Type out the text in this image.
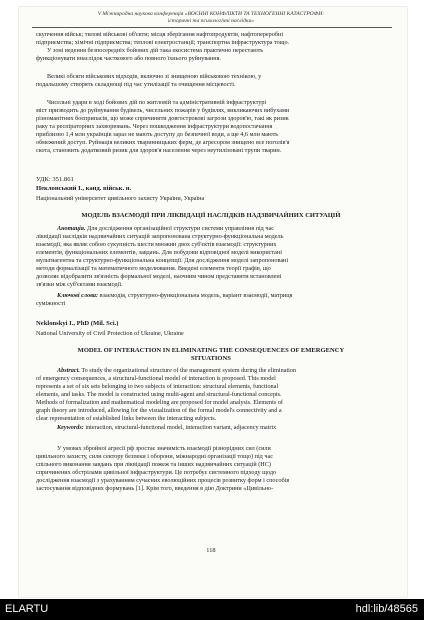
V Міжнародна наукова конференція «ВОЄННІ КОНФЛІКТИ ТА ТЕХНОГЕННІ КАТАСТРОФИ:
історичні та психологічні наслідки»
скупчення військ; тилові військові об'єкти; місця зберігання нафтопродуктів, нафтопереробні
підприємства; хімічні підприємства; теплові електростанції; транспортна інфраструктура тощо.
У зоні ведення безпосередніх бойових дій така екосистема практично перестають
функціонувати внаслідок часткового або повного їхнього руйнування.
Великі обсяги військових відходів, включно зі знищеною військовою технікою, у
подальшому створять складнощі під час утилізації та очищення місцевості.
Чисельні удари в ході бойових дій по житловій та адміністративній інфраструктурі
міст призводить до руйнування будівель, чисельних пожарів у будівлях, викликаючих вибухами
різноманітних боєприпасів, що може спричинити довгострокові загрози здоров'ю, такі як ризик
раку та респіраторних захворювань. Через пошкодження інфраструктури водопостачання
приблизно 1,4 млн українців зараз не мають доступу до безпечної води, а ще 4,6 млн мають
обмежений доступ. Руйнація великих тваринницьких ферм, де агресором знищено все поголів'я
скота, становить додатковий ризик для здоров'я населення через неутилізовані трупи тварин.
УДК: 351.861
Неклонський І., канд. військ. н.
Національний університет цивільного захисту України, Україна
МОДЕЛЬ ВЗАЄМОДІЇ ПРИ ЛІКВІДАЦІЇ НАСЛІДКІВ НАДЗВИЧАЙНИХ СИТУАЦІЙ
Анотація. Для дослідження організаційної структури системи управління під час
ліквідації наслідків надзвичайних ситуацій запропонована структурно-функціональна модель
взаємодії, яка являє собою сукупність шести множин двох суб'єктів взаємодії: структурних
елементів, функціональних елементів, завдань. Для побудови відповідної моделі використані
мультиагентна та структурно-функціональна концепції. Для дослідження моделі запропоновані
методи формалізації та математичного моделювання. Введені елементи теорії графів, що
дозволяє відобразити зв'язність формальної моделі, наочним чином представити встановлені
зв'язки між суб'єктами взаємодії.
Ключові слова: взаємодія, структурно-функціональна модель, варіант взаємодії, матриця
суміжності
Neklonskyi I., PhD (Mil. Sci.)
National University of Civil Protection of Ukraine, Ukraine
MODEL OF INTERACTION IN ELIMINATING THE CONSEQUENCES OF EMERGENCY
SITUATIONS
Abstract. To study the organizational structure of the management system during the elimination
of emergency consequences, a structural-functional model of interaction is proposed. This model
represents a set of six sets belonging to two subjects of interaction: structural elements, functional
elements, and tasks. The model is constructed using multi-agent and structural-functional concepts.
Methods of formalization and mathematical modeling are proposed for model analysis. Elements of
graph theory are introduced, allowing for the visualization of the formal model's connectivity and a
clear representation of established links between the interacting subjects.
Keywords: interaction, structural-functional model, interaction variant, adjacency matrix
У умовах збройної агресії рф зростає значимість взаємодії різнорідних сил (сили
цивільного захисту, сили сектору безпеки і оборони, міжнародні організації тощо) під час
спільного виконання завдань при ліквідації пожеж та інших надзвичайних ситуацій (НС)
спричинених обстрілами цивільної інфраструктури. Це потребує системного підходу щодо
дослідження взаємодії з урахуванням сучасних еволюційних процесів розвитку форм і способів
застосування відповідних формувань [1]. Крім того, введення в дію Доктрини «Цивільно-
118
ELARTU	hdl:lib/48565
